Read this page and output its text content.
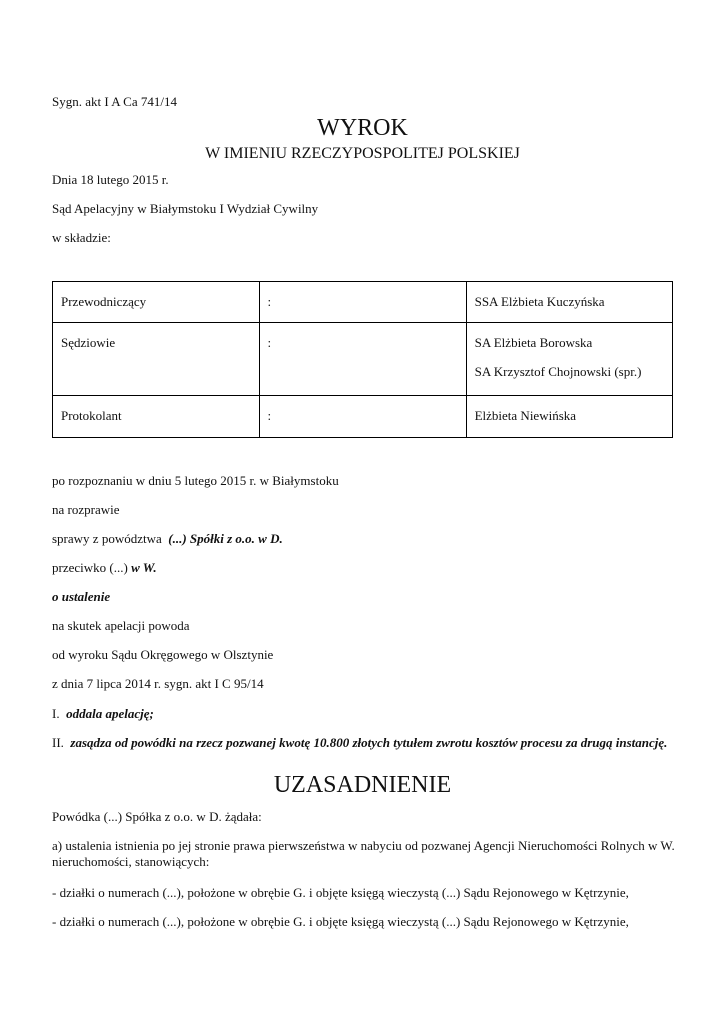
Sygn. akt I A Ca 741/14
WYROK
W IMIENIU RZECZYPOSPOLITEJ POLSKIEJ
Dnia 18 lutego 2015 r.
Sąd Apelacyjny w Białymstoku I Wydział Cywilny
w składzie:
Przewodniczący	:	SSA Elżbieta Kuczyńska

Sędziowie	:	SA Elżbieta Borowska
SA Krzysztof Chojnowski (spr.)

Protokolant	:	Elżbieta Niewińska
po rozpoznaniu w dniu 5 lutego 2015 r. w Białymstoku
na rozprawie
sprawy z powództwa (...) Spółki z o.o. w D.
przeciwko (...) w W.
o ustalenie
na skutek apelacji powoda
od wyroku Sądu Okręgowego w Olsztynie
z dnia 7 lipca 2014 r. sygn. akt I C 95/14
I. oddala apelację;
II. zasądza od powódki na rzecz pozwanej kwotę 10.800 złotych tytułem zwrotu kosztów procesu za drugą instancję.
UZASADNIENIE
Powódka (...) Spółka z o.o. w D. żądała:
a) ustalenia istnienia po jej stronie prawa pierwszeństwa w nabyciu od pozwanej Agencji Nieruchomości Rolnych w W. nieruchomości, stanowiących:
- działki o numerach (...), położone w obrębie G. i objęte księgą wieczystą (...) Sądu Rejonowego w Kętrzynie,
- działki o numerach (...), położone w obrębie G. i objęte księgą wieczystą (...) Sądu Rejonowego w Kętrzynie,
